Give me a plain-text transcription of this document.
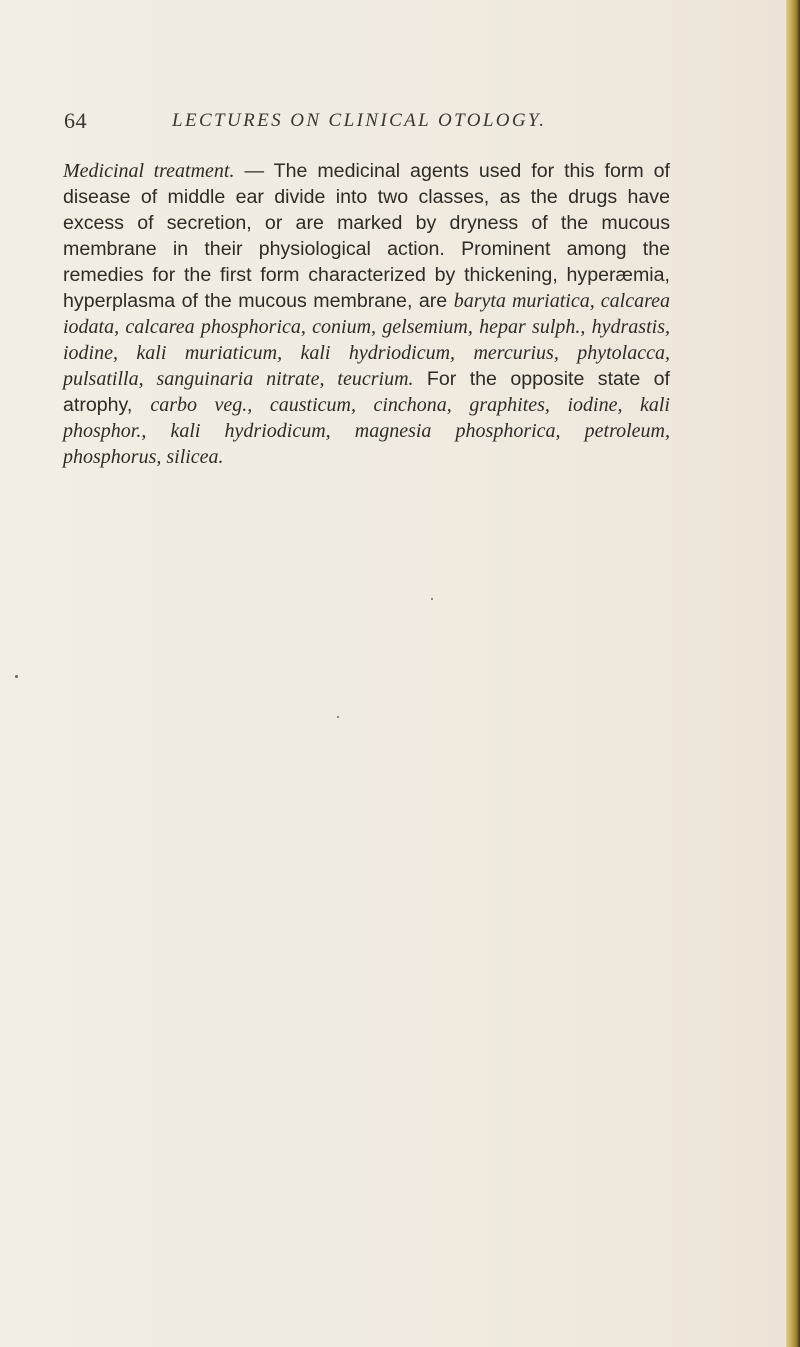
64	LECTURES ON CLINICAL OTOLOGY.

Medicinal treatment. — The medicinal agents used for this form of disease of middle ear divide into two classes, as the drugs have excess of secretion, or are marked by dryness of the mucous membrane in their physiological action. Prominent among the remedies for the first form characterized by thickening, hyperæmia, hyperplasma of the mucous membrane, are baryta muriatica, calcarea iodata, calcarea phosphorica, conium, gelsemium, hepar sulph., hydrastis, iodine, kali muriaticum, kali hydriodicum, mercurius, phytolacca, pulsatilla, sanguinaria nitrate, teucrium. For the opposite state of atrophy, carbo veg., causticum, cinchona, graphites, iodine, kali phosphor., kali hydriodicum, magnesia phosphorica, petroleum, phosphorus, silicea.
